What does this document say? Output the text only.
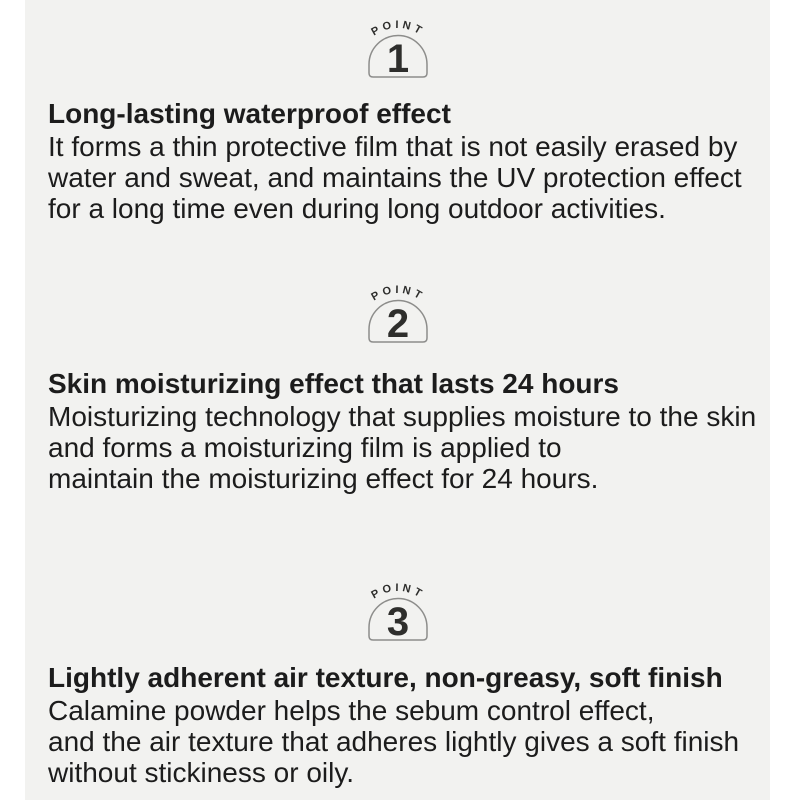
POINT
1
Long-lasting waterproof effect
It forms a thin protective film that is not easily erased by
water and sweat, and maintains the UV protection effect
for a long time even during long outdoor activities.
POINT
2
Skin moisturizing effect that lasts 24 hours
Moisturizing technology that supplies moisture to the skin
and forms a moisturizing film is applied to
maintain the moisturizing effect for 24 hours.
POINT
3
Lightly adherent air texture, non-greasy, soft finish
Calamine powder helps the sebum control effect,
and the air texture that adheres lightly gives a soft finish
without stickiness or oily.
